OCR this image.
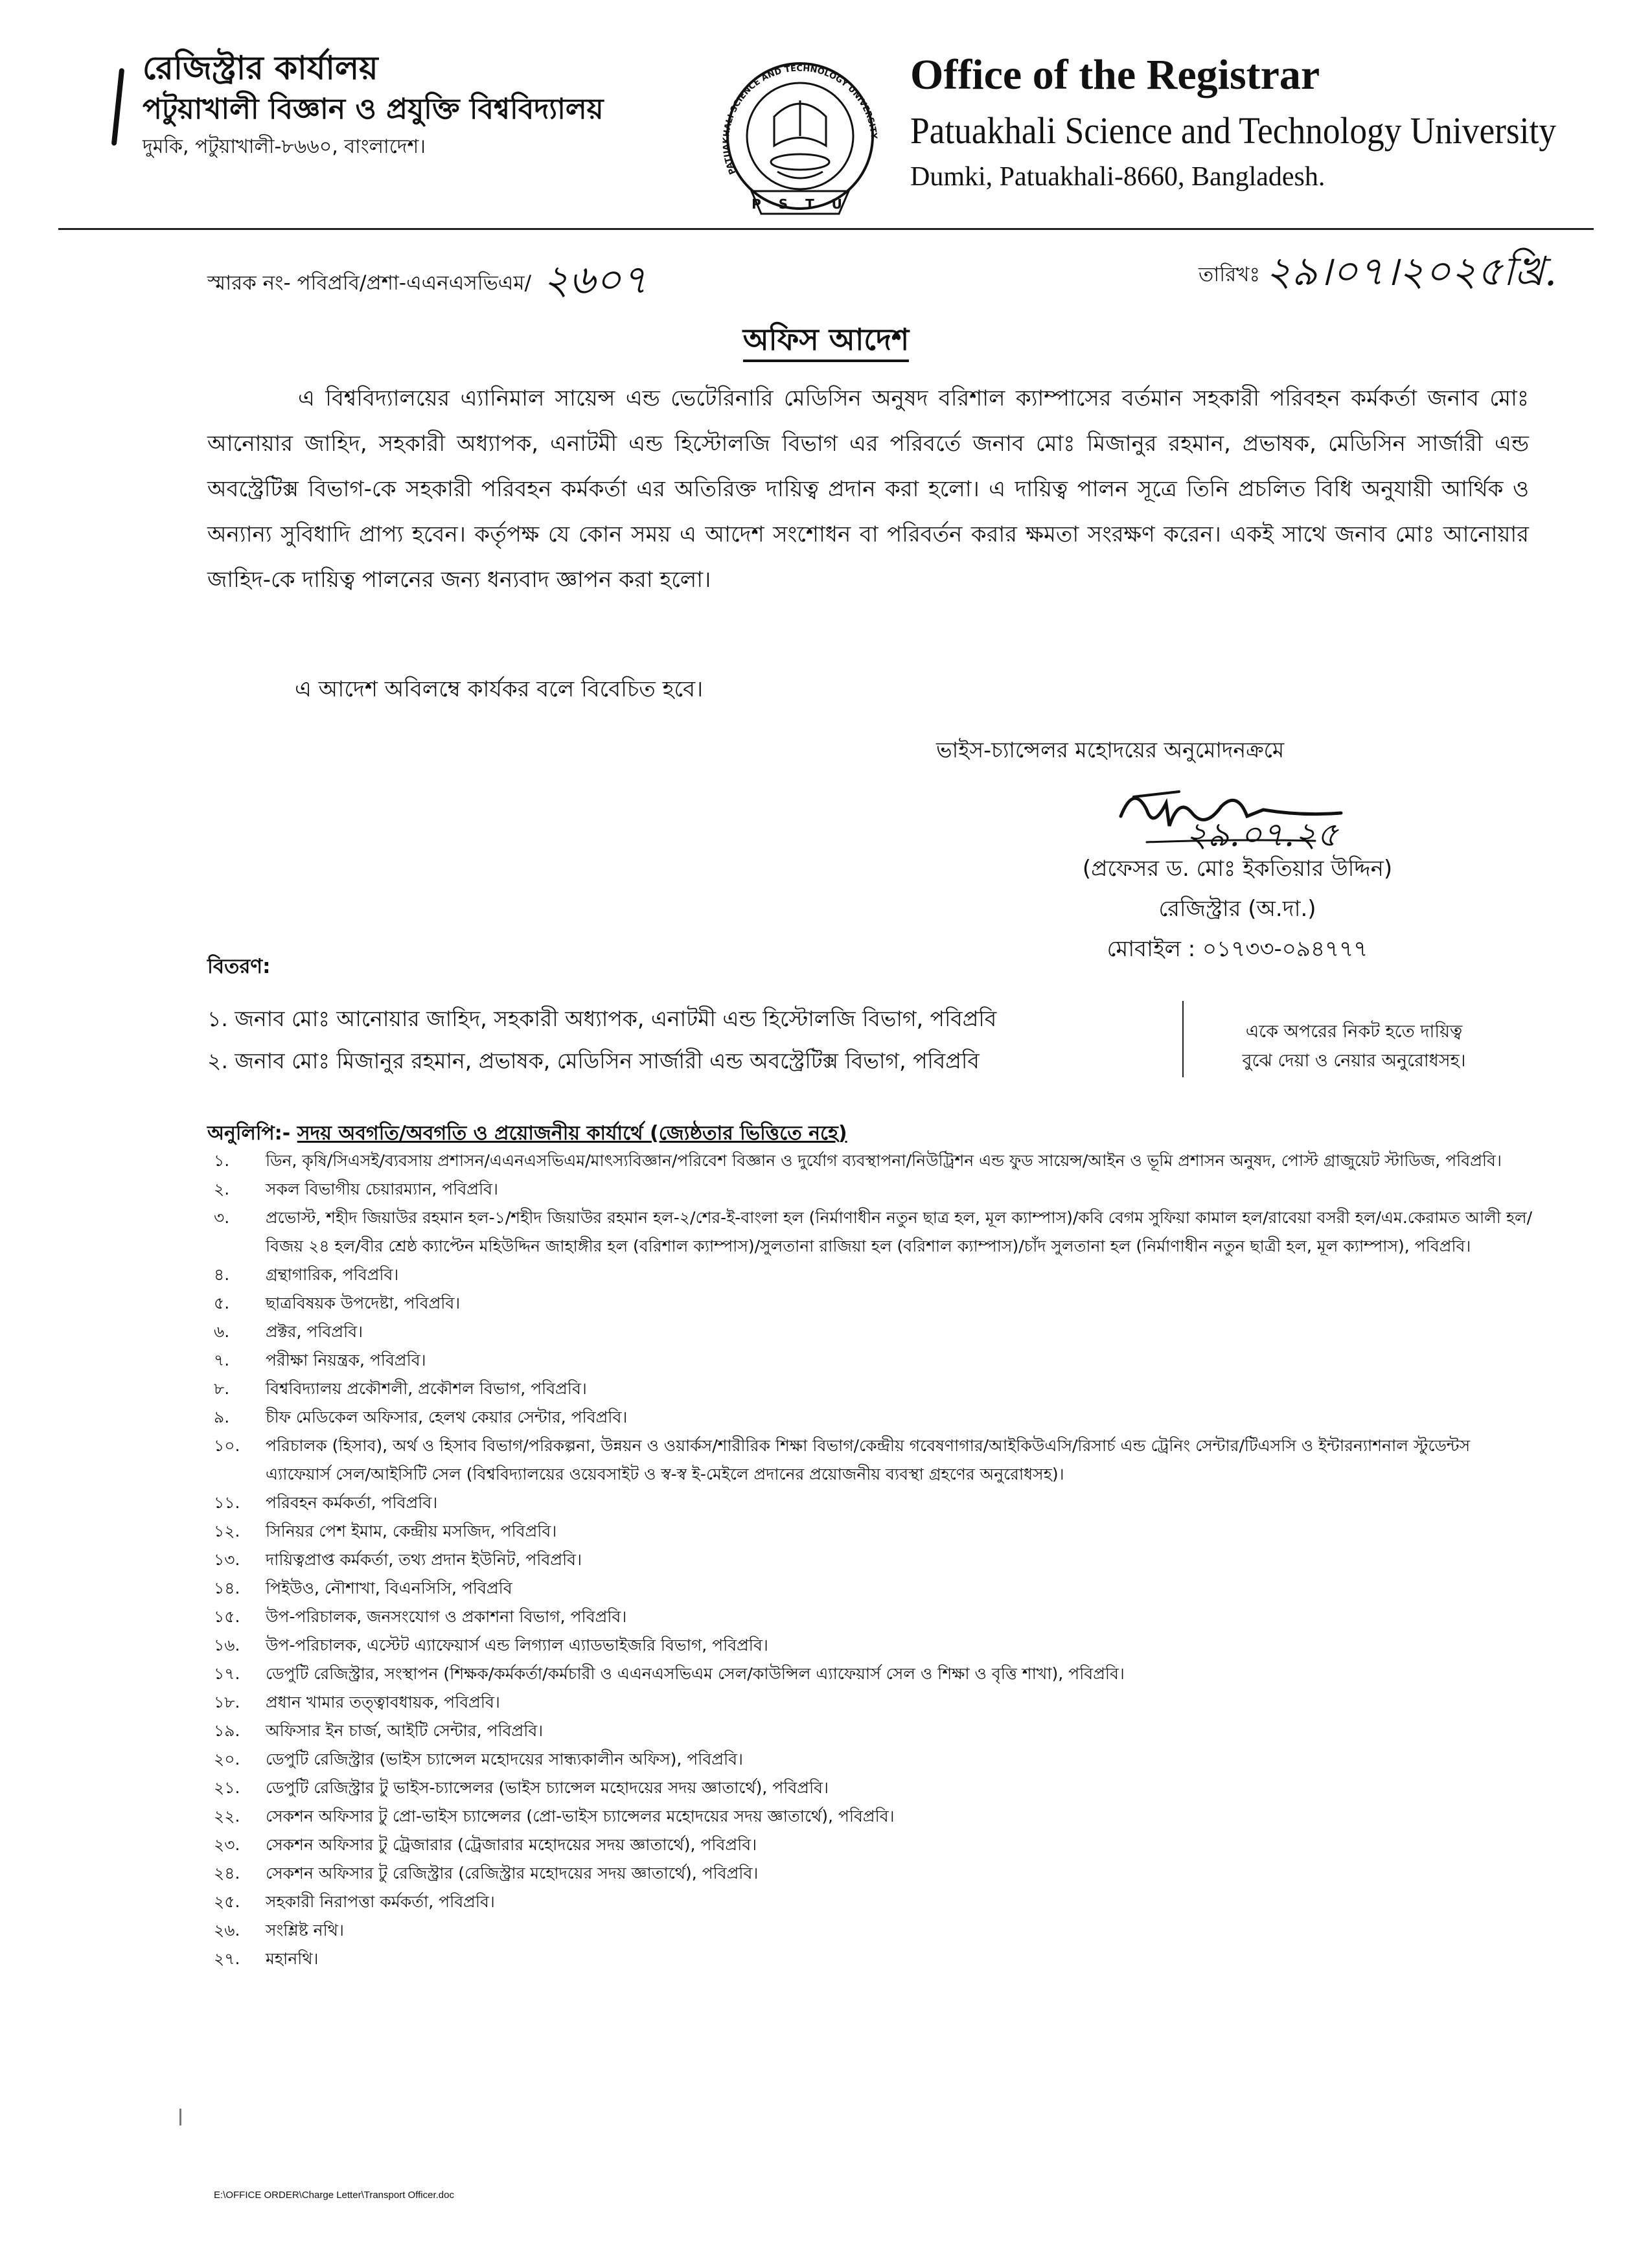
রেজিস্ট্রার কার্যালয়
পটুয়াখালী বিজ্ঞান ও প্রযুক্তি বিশ্ববিদ্যালয়
দুমকি, পটুয়াখালী-৮৬৬০, বাংলাদেশ।
PATUAKHALI SCIENCE AND TECHNOLOGY UNIVERSITY
P S T U
Office of the Registrar
Patuakhali Science and Technology University
Dumki, Patuakhali-8660, Bangladesh.
স্মারক নং- পবিপ্রবি/প্রশা-এএনএসভিএম/ ২৬০৭	তারিখঃ ২৯।০৭।২০২৫খ্রি.
অফিস আদেশ
এ বিশ্ববিদ্যালয়ের এ্যানিমাল সায়েন্স এন্ড ভেটেরিনারি মেডিসিন অনুষদ বরিশাল ক্যাম্পাসের বর্তমান সহকারী পরিবহন কর্মকর্তা জনাব মোঃ আনোয়ার জাহিদ, সহকারী অধ্যাপক, এনাটমী এন্ড হিস্টোলজি বিভাগ এর পরিবর্তে জনাব মোঃ মিজানুর রহমান, প্রভাষক, মেডিসিন সার্জারী এন্ড অবস্ট্রেটিক্স বিভাগ-কে সহকারী পরিবহন কর্মকর্তা এর অতিরিক্ত দায়িত্ব প্রদান করা হলো। এ দায়িত্ব পালন সূত্রে তিনি প্রচলিত বিধি অনুযায়ী আর্থিক ও অন্যান্য সুবিধাদি প্রাপ্য হবেন। কর্তৃপক্ষ যে কোন সময় এ আদেশ সংশোধন বা পরিবর্তন করার ক্ষমতা সংরক্ষণ করেন। একই সাথে জনাব মোঃ আনোয়ার জাহিদ-কে দায়িত্ব পালনের জন্য ধন্যবাদ জ্ঞাপন করা হলো।
এ আদেশ অবিলম্বে কার্যকর বলে বিবেচিত হবে।
ভাইস-চ্যান্সেলর মহোদয়ের অনুমোদনক্রমে
২৯.০৭.২৫
(প্রফেসর ড. মোঃ ইকতিয়ার উদ্দিন)
রেজিস্ট্রার (অ.দা.)
মোবাইল : ০১৭৩৩-০৯৪৭৭৭
বিতরণ:
১. জনাব মোঃ আনোয়ার জাহিদ, সহকারী অধ্যাপক, এনাটমী এন্ড হিস্টোলজি বিভাগ, পবিপ্রবি
২. জনাব মোঃ মিজানুর রহমান, প্রভাষক, মেডিসিন সার্জারী এন্ড অবস্ট্রেটিক্স বিভাগ, পবিপ্রবি
একে অপরের নিকট হতে দায়িত্ব
বুঝে দেয়া ও নেয়ার অনুরোধসহ।
অনুলিপি:- সদয় অবগতি/অবগতি ও প্রয়োজনীয় কার্যার্থে (জ্যেষ্ঠতার ভিত্তিতে নহে)
১.	ডিন, কৃষি/সিএসই/ব্যবসায় প্রশাসন/এএনএসভিএম/মাৎস্যবিজ্ঞান/পরিবেশ বিজ্ঞান ও দুর্যোগ ব্যবস্থাপনা/নিউট্রিশন এন্ড ফুড সায়েন্স/আইন ও ভূমি প্রশাসন অনুষদ, পোস্ট গ্রাজুয়েট স্টাডিজ, পবিপ্রবি।
২.	সকল বিভাগীয় চেয়ারম্যান, পবিপ্রবি।
৩.	প্রভোস্ট, শহীদ জিয়াউর রহমান হল-১/শহীদ জিয়াউর রহমান হল-২/শের-ই-বাংলা হল (নির্মাণাধীন নতুন ছাত্র হল, মূল ক্যাম্পাস)/কবি বেগম সুফিয়া কামাল হল/রাবেয়া বসরী হল/এম.কেরামত আলী হল/বিজয় ২৪ হল/বীর শ্রেষ্ঠ ক্যাপ্টেন মহিউদ্দিন জাহাঙ্গীর হল (বরিশাল ক্যাম্পাস)/সুলতানা রাজিয়া হল (বরিশাল ক্যাম্পাস)/চাঁদ সুলতানা হল (নির্মাণাধীন নতুন ছাত্রী হল, মূল ক্যাম্পাস), পবিপ্রবি।
৪.	গ্রন্থাগারিক, পবিপ্রবি।
৫.	ছাত্রবিষয়ক উপদেষ্টা, পবিপ্রবি।
৬.	প্রক্টর, পবিপ্রবি।
৭.	পরীক্ষা নিয়ন্ত্রক, পবিপ্রবি।
৮.	বিশ্ববিদ্যালয় প্রকৌশলী, প্রকৌশল বিভাগ, পবিপ্রবি।
৯.	চীফ মেডিকেল অফিসার, হেলথ কেয়ার সেন্টার, পবিপ্রবি।
১০.	পরিচালক (হিসাব), অর্থ ও হিসাব বিভাগ/পরিকল্পনা, উন্নয়ন ও ওয়ার্কস/শারীরিক শিক্ষা বিভাগ/কেন্দ্রীয় গবেষণাগার/আইকিউএসি/রিসার্চ এন্ড ট্রেনিং সেন্টার/টিএসসি ও ইন্টারন্যাশনাল স্টুডেন্টস এ্যাফেয়ার্স সেল/আইসিটি সেল (বিশ্ববিদ্যালয়ের ওয়েবসাইট ও স্ব-স্ব ই-মেইলে প্রদানের প্রয়োজনীয় ব্যবস্থা গ্রহণের অনুরোধসহ)।
১১.	পরিবহন কর্মকর্তা, পবিপ্রবি।
১২.	সিনিয়র পেশ ইমাম, কেন্দ্রীয় মসজিদ, পবিপ্রবি।
১৩.	দায়িত্বপ্রাপ্ত কর্মকর্তা, তথ্য প্রদান ইউনিট, পবিপ্রবি।
১৪.	পিইউও, নৌশাখা, বিএনসিসি, পবিপ্রবি
১৫.	উপ-পরিচালক, জনসংযোগ ও প্রকাশনা বিভাগ, পবিপ্রবি।
১৬.	উপ-পরিচালক, এস্টেট এ্যাফেয়ার্স এন্ড লিগ্যাল এ্যাডভাইজরি বিভাগ, পবিপ্রবি।
১৭.	ডেপুটি রেজিস্ট্রার, সংস্থাপন (শিক্ষক/কর্মকর্তা/কর্মচারী ও এএনএসভিএম সেল/কাউন্সিল এ্যাফেয়ার্স সেল ও শিক্ষা ও বৃত্তি শাখা), পবিপ্রবি।
১৮.	প্রধান খামার তত্ত্বাবধায়ক, পবিপ্রবি।
১৯.	অফিসার ইন চার্জ, আইটি সেন্টার, পবিপ্রবি।
২০.	ডেপুটি রেজিস্ট্রার (ভাইস চ্যান্সেল মহোদয়ের সান্ধ্যকালীন অফিস), পবিপ্রবি।
২১.	ডেপুটি রেজিস্ট্রার টু ভাইস-চ্যান্সেলর (ভাইস চ্যান্সেল মহোদয়ের সদয় জ্ঞাতার্থে), পবিপ্রবি।
২২.	সেকশন অফিসার টু প্রো-ভাইস চ্যান্সেলর (প্রো-ভাইস চ্যান্সেলর মহোদয়ের সদয় জ্ঞাতার্থে), পবিপ্রবি।
২৩.	সেকশন অফিসার টু ট্রেজারার (ট্রেজারার মহোদয়ের সদয় জ্ঞাতার্থে), পবিপ্রবি।
২৪.	সেকশন অফিসার টু রেজিস্ট্রার (রেজিস্ট্রার মহোদয়ের সদয় জ্ঞাতার্থে), পবিপ্রবি।
২৫.	সহকারী নিরাপত্তা কর্মকর্তা, পবিপ্রবি।
২৬.	সংশ্লিষ্ট নথি।
২৭.	মহানথি।
E:\OFFICE ORDER\Charge Letter\Transport Officer.doc
